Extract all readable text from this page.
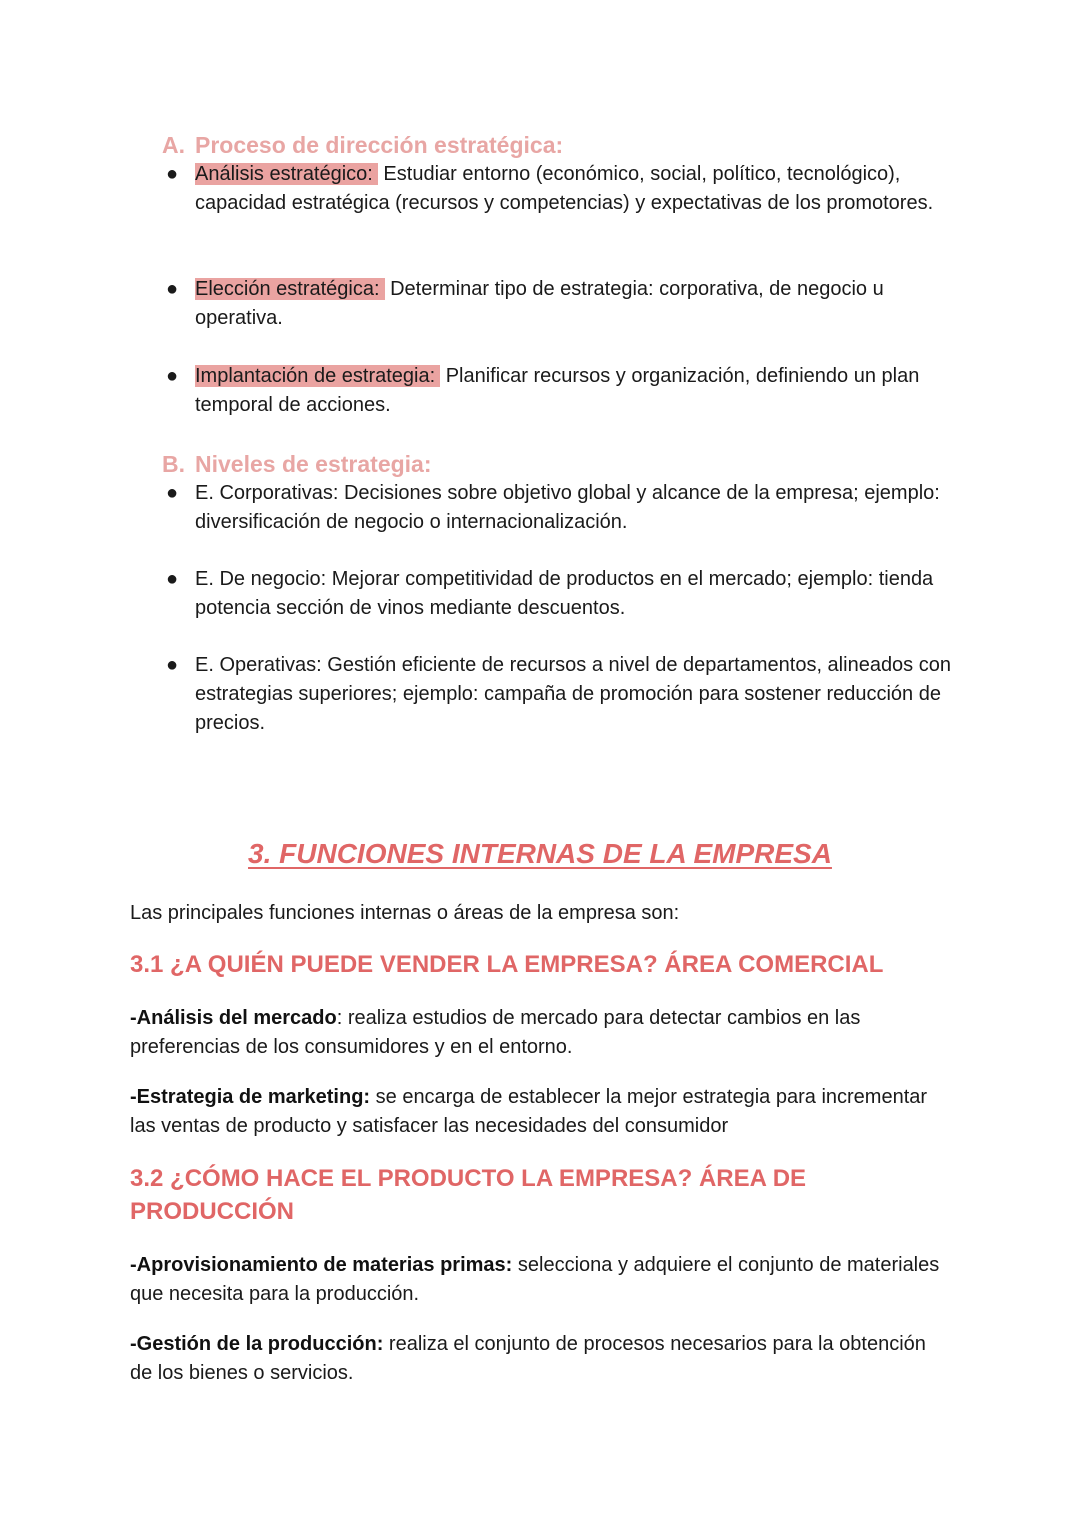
A. Proceso de dirección estratégica:
● Análisis estratégico: Estudiar entorno (económico, social, político, tecnológico), capacidad estratégica (recursos y competencias) y expectativas de los promotores.
● Elección estratégica: Determinar tipo de estrategia: corporativa, de negocio u operativa.
● Implantación de estrategia: Planificar recursos y organización, definiendo un plan temporal de acciones.
B. Niveles de estrategia:
● E. Corporativas: Decisiones sobre objetivo global y alcance de la empresa; ejemplo: diversificación de negocio o internacionalización.
● E. De negocio: Mejorar competitividad de productos en el mercado; ejemplo: tienda potencia sección de vinos mediante descuentos.
● E. Operativas: Gestión eficiente de recursos a nivel de departamentos, alineados con estrategias superiores; ejemplo: campaña de promoción para sostener reducción de precios.
3. FUNCIONES INTERNAS DE LA EMPRESA

Las principales funciones internas o áreas de la empresa son:

3.1 ¿A QUIÉN PUEDE VENDER LA EMPRESA? ÁREA COMERCIAL

-Análisis del mercado: realiza estudios de mercado para detectar cambios en las preferencias de los consumidores y en el entorno.

-Estrategia de marketing: se encarga de establecer la mejor estrategia para incrementar las ventas de producto y satisfacer las necesidades del consumidor

3.2 ¿CÓMO HACE EL PRODUCTO LA EMPRESA? ÁREA DE PRODUCCIÓN

-Aprovisionamiento de materias primas: selecciona y adquiere el conjunto de materiales que necesita para la producción.

-Gestión de la producción: realiza el conjunto de procesos necesarios para la obtención de los bienes o servicios.
